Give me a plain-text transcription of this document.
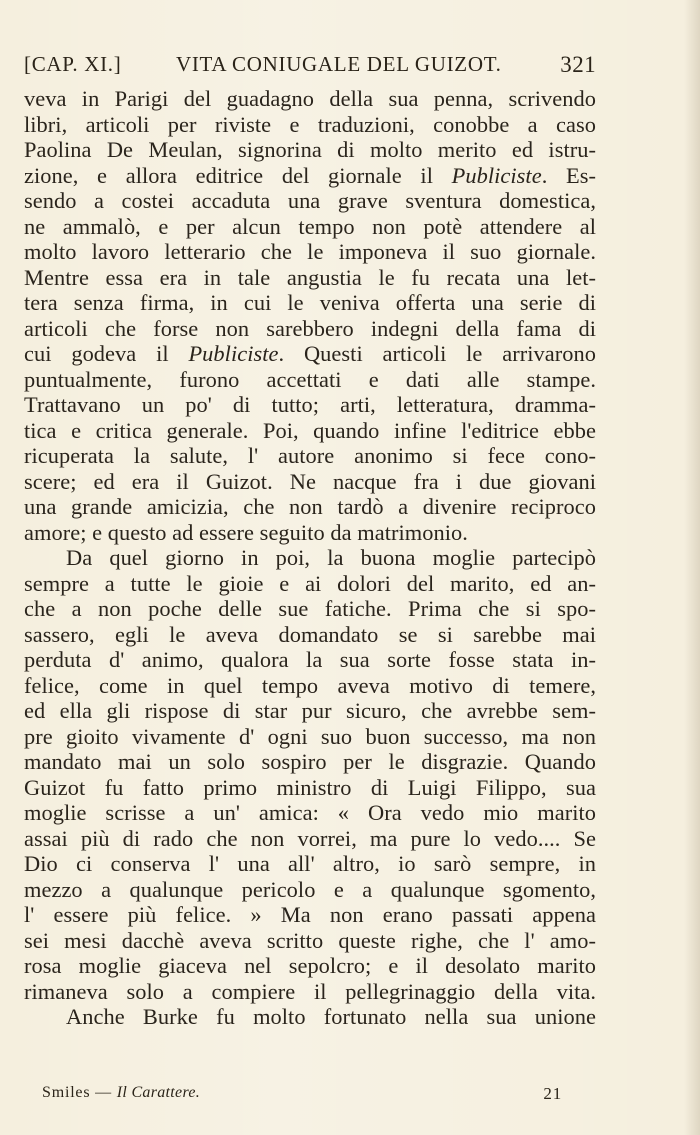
[CAP. XI.]	VITA CONIUGALE DEL GUIZOT.	321
veva in Parigi del guadagno della sua penna, scrivendo
libri, articoli per riviste e traduzioni, conobbe a caso
Paolina De Meulan, signorina di molto merito ed istru-
zione, e allora editrice del giornale il Publiciste. Es-
sendo a costei accaduta una grave sventura domestica,
ne ammalò, e per alcun tempo non potè attendere al
molto lavoro letterario che le imponeva il suo giornale.
Mentre essa era in tale angustia le fu recata una let-
tera senza firma, in cui le veniva offerta una serie di
articoli che forse non sarebbero indegni della fama di
cui godeva il Publiciste. Questi articoli le arrivarono
puntualmente, furono accettati e dati alle stampe.
Trattavano un po' di tutto; arti, letteratura, dramma-
tica e critica generale. Poi, quando infine l'editrice ebbe
ricuperata la salute, l' autore anonimo si fece cono-
scere; ed era il Guizot. Ne nacque fra i due giovani
una grande amicizia, che non tardò a divenire reciproco
amore; e questo ad essere seguito da matrimonio.
Da quel giorno in poi, la buona moglie partecipò
sempre a tutte le gioie e ai dolori del marito, ed an-
che a non poche delle sue fatiche. Prima che si spo-
sassero, egli le aveva domandato se si sarebbe mai
perduta d' animo, qualora la sua sorte fosse stata in-
felice, come in quel tempo aveva motivo di temere,
ed ella gli rispose di star pur sicuro, che avrebbe sem-
pre gioito vivamente d' ogni suo buon successo, ma non
mandato mai un solo sospiro per le disgrazie. Quando
Guizot fu fatto primo ministro di Luigi Filippo, sua
moglie scrisse a un' amica: « Ora vedo mio marito
assai più di rado che non vorrei, ma pure lo vedo.... Se
Dio ci conserva l' una all' altro, io sarò sempre, in
mezzo a qualunque pericolo e a qualunque sgomento,
l' essere più felice. » Ma non erano passati appena
sei mesi dacchè aveva scritto queste righe, che l' amo-
rosa moglie giaceva nel sepolcro; e il desolato marito
rimaneva solo a compiere il pellegrinaggio della vita.
Anche Burke fu molto fortunato nella sua unione
Smiles — Il Carattere.	21
